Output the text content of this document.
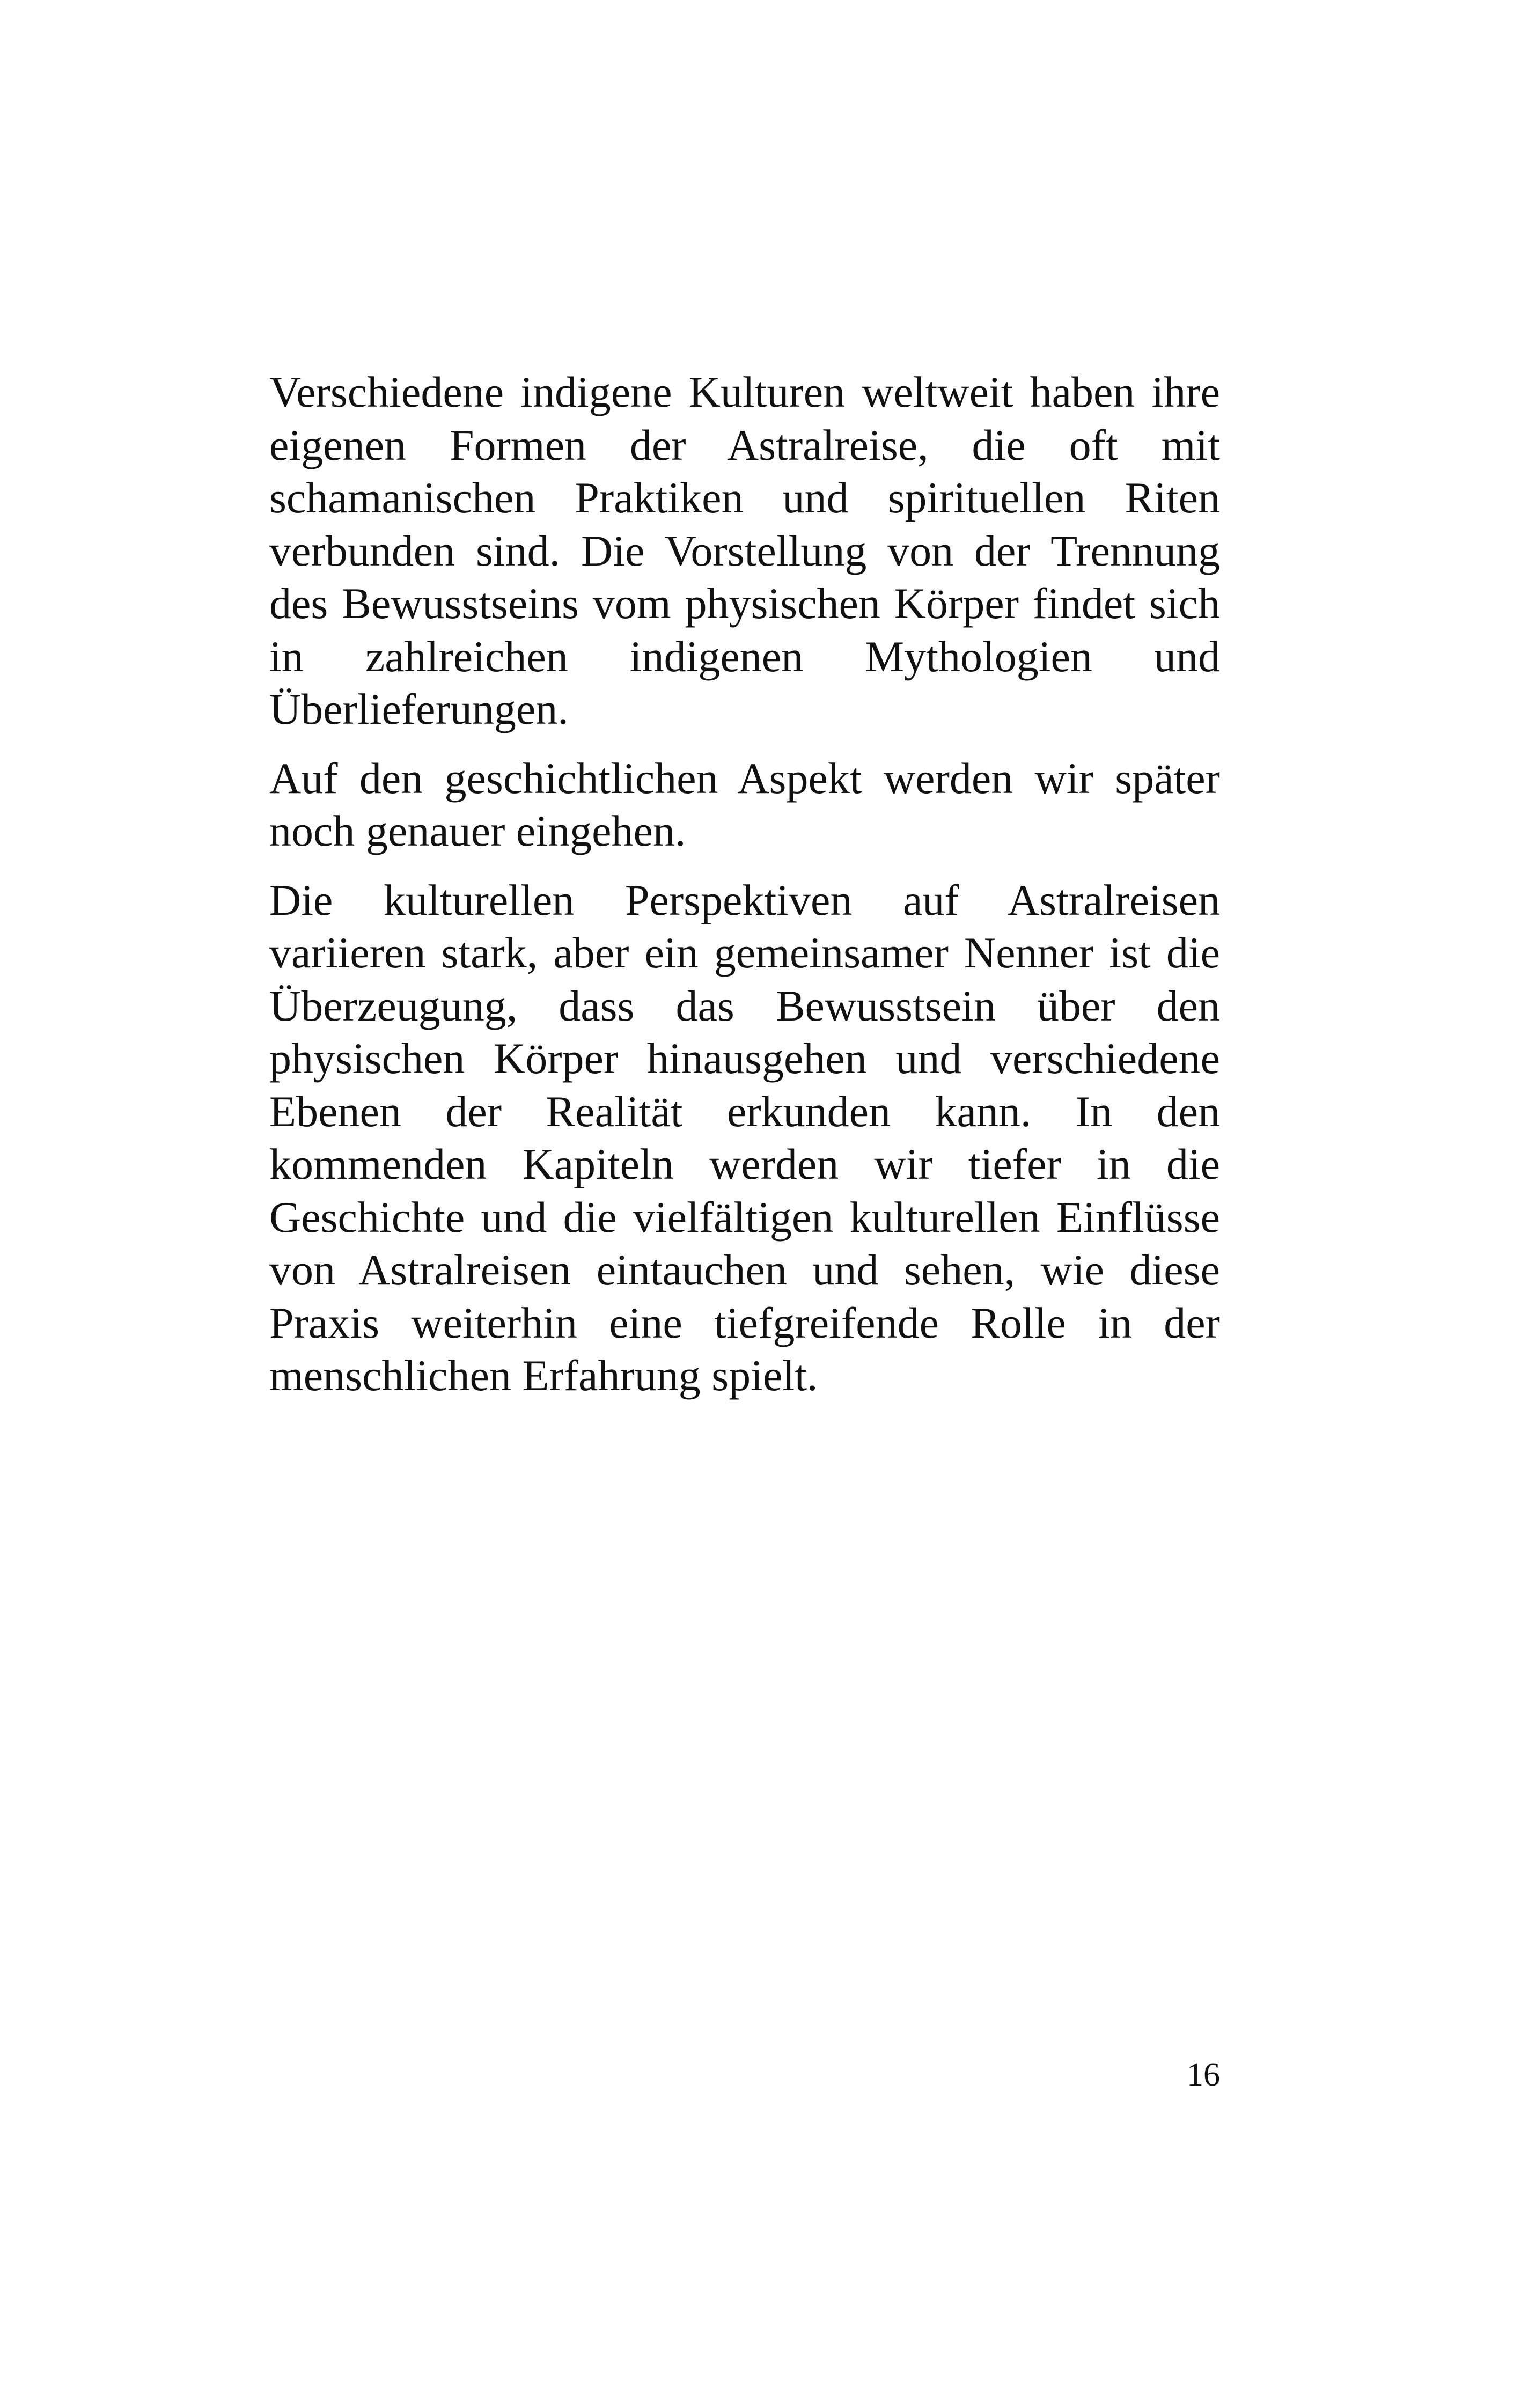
Verschiedene indigene Kulturen weltweit haben ihre eigenen Formen der Astralreise, die oft mit schamanischen Praktiken und spirituellen Riten verbunden sind. Die Vorstellung von der Trennung des Bewusstseins vom physischen Körper findet sich in zahlreichen indigenen Mythologien und Überlieferungen.

Auf den geschichtlichen Aspekt werden wir später noch genauer eingehen.

Die kulturellen Perspektiven auf Astralreisen variieren stark, aber ein gemeinsamer Nenner ist die Überzeugung, dass das Bewusstsein über den physischen Körper hinausgehen und verschiedene Ebenen der Realität erkunden kann. In den kommenden Kapiteln werden wir tiefer in die Geschichte und die vielfältigen kulturellen Einflüsse von Astralreisen eintauchen und sehen, wie diese Praxis weiterhin eine tiefgreifende Rolle in der menschlichen Erfahrung spielt.

16
